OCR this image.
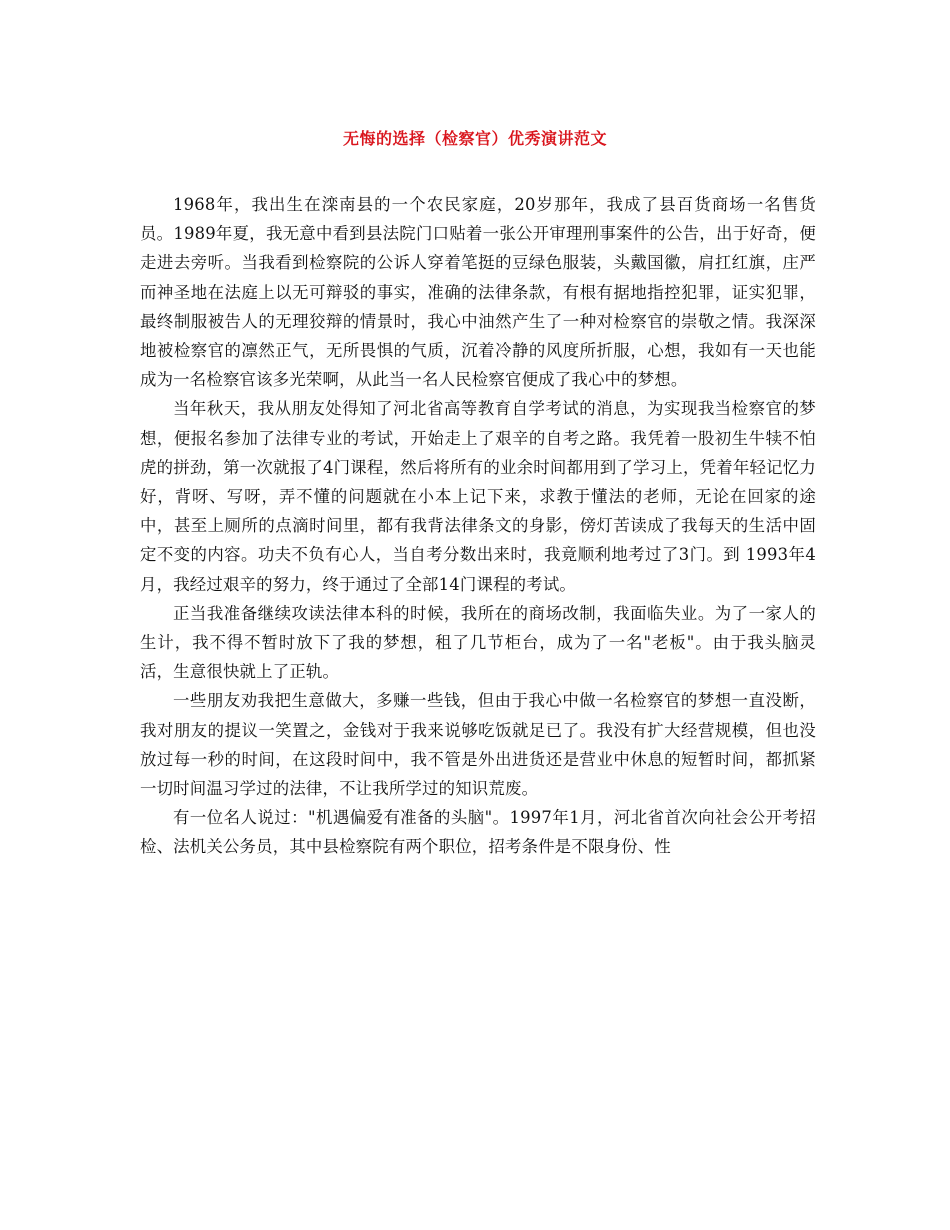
无悔的选择（检察官）优秀演讲范文

1968年，我出生在滦南县的一个农民家庭，20岁那年，我成了县百货商场一名售货员。1989年夏，我无意中看到县法院门口贴着一张公开审理刑事案件的公告，出于好奇，便走进去旁听。当我看到检察院的公诉人穿着笔挺的豆绿色服装，头戴国徽，肩扛红旗，庄严而神圣地在法庭上以无可辩驳的事实，准确的法律条款，有根有据地指控犯罪，证实犯罪，最终制服被告人的无理狡辩的情景时，我心中油然产生了一种对检察官的崇敬之情。我深深地被检察官的凛然正气，无所畏惧的气质，沉着冷静的风度所折服，心想，我如有一天也能成为一名检察官该多光荣啊，从此当一名人民检察官便成了我心中的梦想。

当年秋天，我从朋友处得知了河北省高等教育自学考试的消息，为实现我当检察官的梦想，便报名参加了法律专业的考试，开始走上了艰辛的自考之路。我凭着一股初生牛犊不怕虎的拼劲，第一次就报了4门课程，然后将所有的业余时间都用到了学习上，凭着年轻记忆力好，背呀、写呀，弄不懂的问题就在小本上记下来，求教于懂法的老师，无论在回家的途中，甚至上厕所的点滴时间里，都有我背法律条文的身影，傍灯苦读成了我每天的生活中固定不变的内容。功夫不负有心人，当自考分数出来时，我竟顺利地考过了3门。到 1993年4月，我经过艰辛的努力，终于通过了全部14门课程的考试。

正当我准备继续攻读法律本科的时候，我所在的商场改制，我面临失业。为了一家人的生计，我不得不暂时放下了我的梦想，租了几节柜台，成为了一名"老板"。由于我头脑灵活，生意很快就上了正轨。

一些朋友劝我把生意做大，多赚一些钱，但由于我心中做一名检察官的梦想一直没断，我对朋友的提议一笑置之，金钱对于我来说够吃饭就足已了。我没有扩大经营规模，但也没放过每一秒的时间，在这段时间中，我不管是外出进货还是营业中休息的短暂时间，都抓紧一切时间温习学过的法律，不让我所学过的知识荒废。

有一位名人说过："机遇偏爱有准备的头脑"。1997年1月，河北省首次向社会公开考招检、法机关公务员，其中县检察院有两个职位，招考条件是不限身份、性
